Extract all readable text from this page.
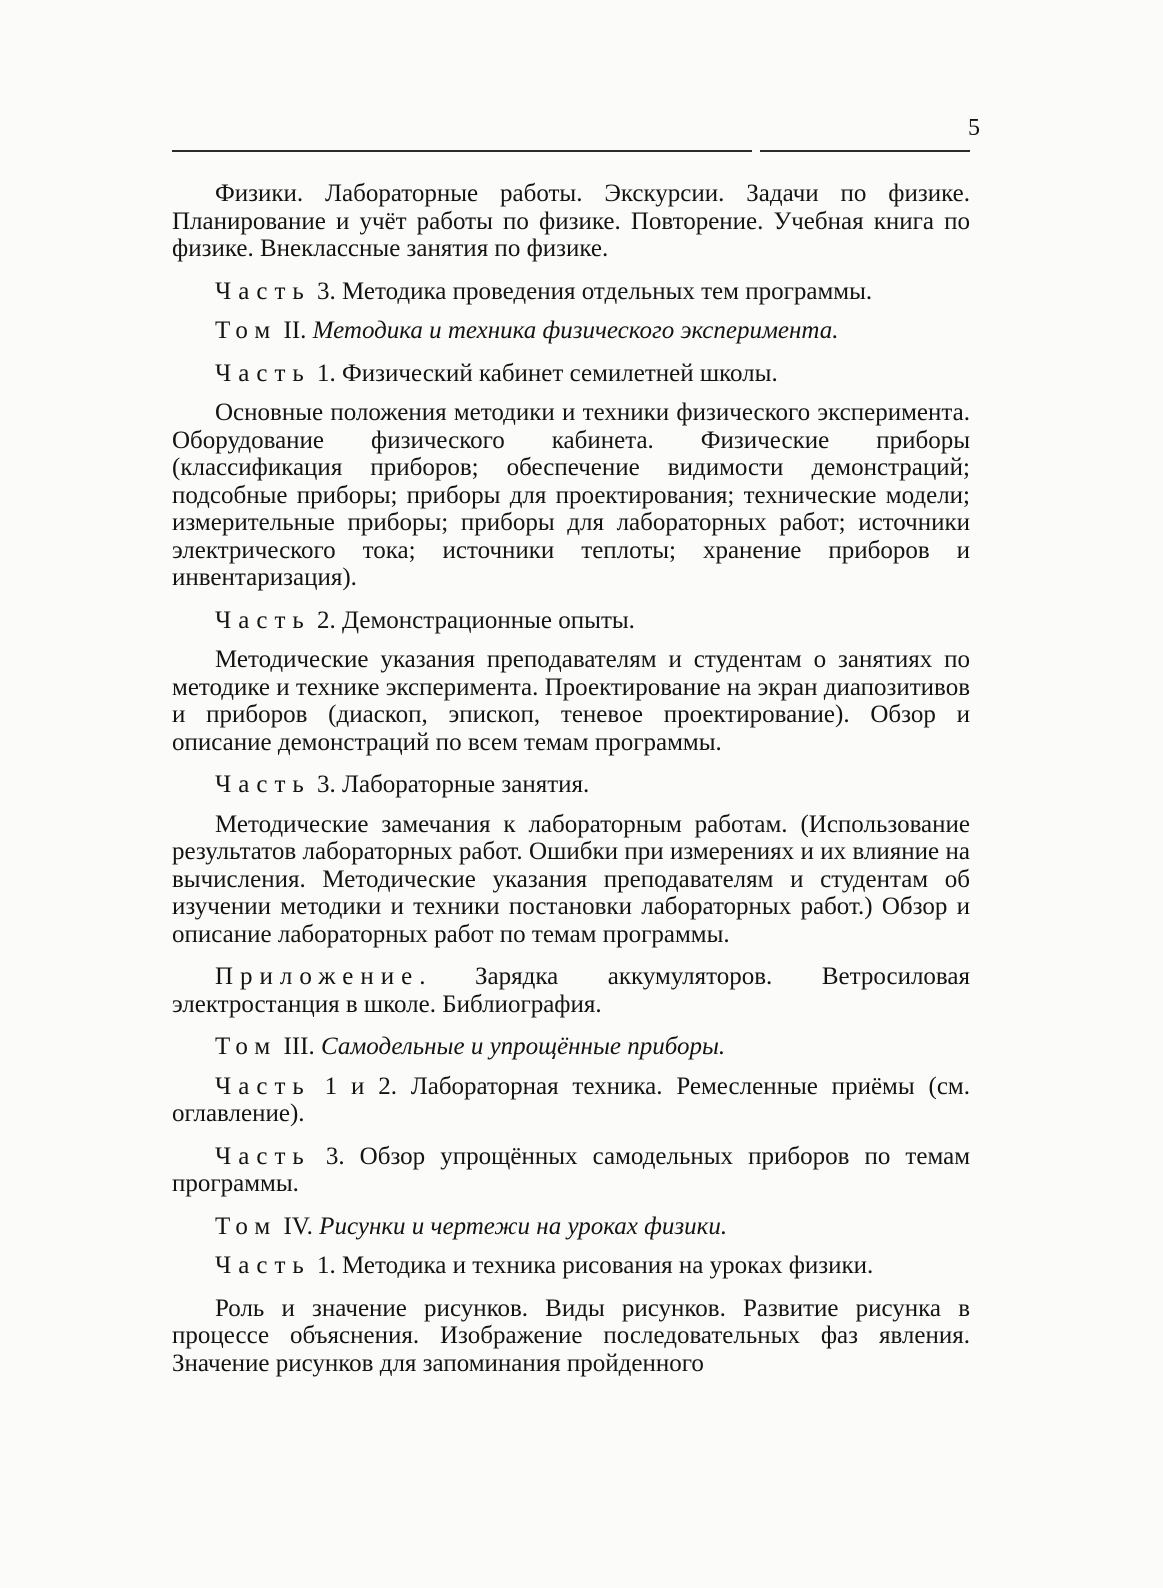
5

Физики. Лабораторные работы. Экскурсии. Задачи по физике. Планирование и учёт работы по физике. Повторение. Учебная книга по физике. Внеклассные занятия по физике.

Часть 3. Методика проведения отдельных тем программы.

Том II. Методика и техника физического эксперимента.

Часть 1. Физический кабинет семилетней школы.

Основные положения методики и техники физического эксперимента. Оборудование физического кабинета. Физические приборы (классификация приборов; обеспечение видимости демонстраций; подсобные приборы; приборы для проектирования; технические модели; измерительные приборы; приборы для лабораторных работ; источники электрического тока; источники теплоты; хранение приборов и инвентаризация).

Часть 2. Демонстрационные опыты.

Методические указания преподавателям и студентам о занятиях по методике и технике эксперимента. Проектирование на экран диапозитивов и приборов (диаскоп, эпископ, теневое проектирование). Обзор и описание демонстраций по всем темам программы.

Часть 3. Лабораторные занятия.

Методические замечания к лабораторным работам. (Использование результатов лабораторных работ. Ошибки при измерениях и их влияние на вычисления. Методические указания преподавателям и студентам об изучении методики и техники постановки лабораторных работ.) Обзор и описание лабораторных работ по темам программы.

Приложение. Зарядка аккумуляторов. Ветросиловая электростанция в школе. Библиография.

Том III. Самодельные и упрощённые приборы.

Часть 1 и 2. Лабораторная техника. Ремесленные приёмы (см. оглавление).

Часть 3. Обзор упрощённых самодельных приборов по темам программы.

Том IV. Рисунки и чертежи на уроках физики.

Часть 1. Методика и техника рисования на уроках физики.

Роль и значение рисунков. Виды рисунков. Развитие рисунка в процессе объяснения. Изображение последовательных фаз явления. Значение рисунков для запоминания пройденного
